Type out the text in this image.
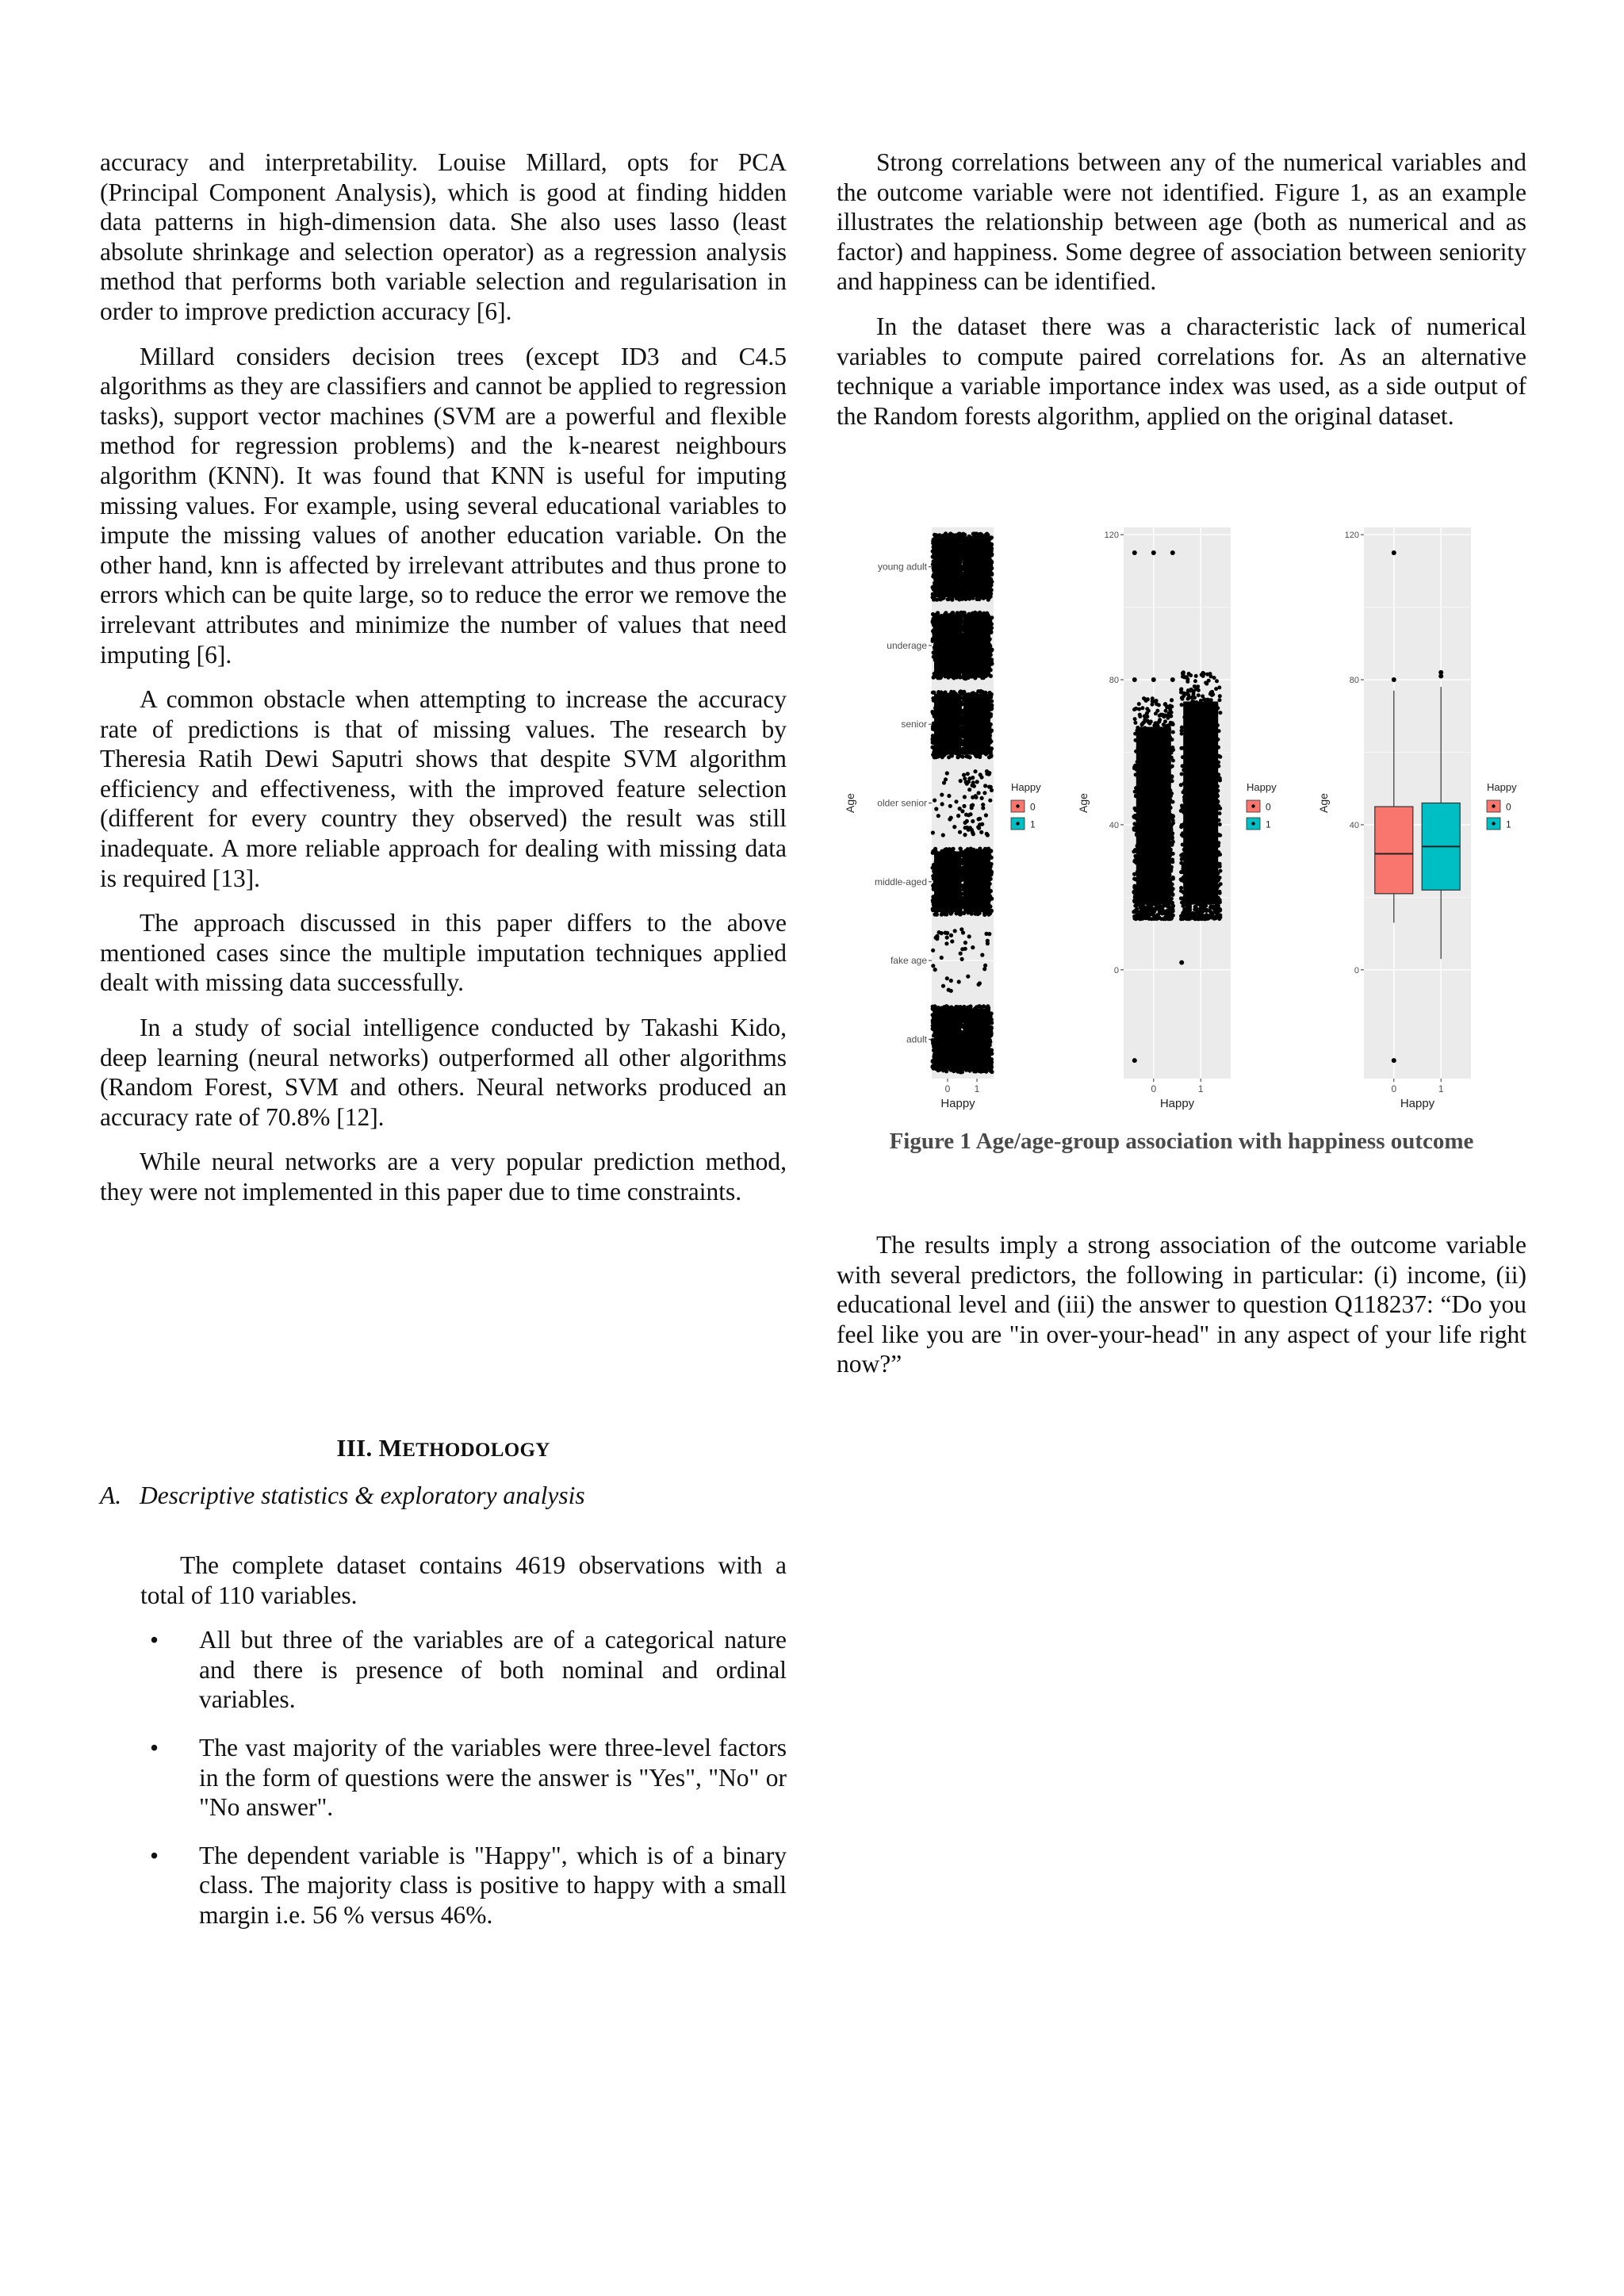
accuracy and interpretability. Louise Millard, opts for PCA (Principal Component Analysis), which is good at finding hidden data patterns in high-dimension data. She also uses lasso (least absolute shrinkage and selection operator) as a regression analysis method that performs both variable selection and regularisation in order to improve prediction accuracy [6].

Millard considers decision trees (except ID3 and C4.5 algorithms as they are classifiers and cannot be applied to regression tasks), support vector machines (SVM are a powerful and flexible method for regression problems) and the k-nearest neighbours algorithm (KNN). It was found that KNN is useful for imputing missing values. For example, using several educational variables to impute the missing values of another education variable. On the other hand, knn is affected by irrelevant attributes and thus prone to errors which can be quite large, so to reduce the error we remove the irrelevant attributes and minimize the number of values that need imputing [6].

A common obstacle when attempting to increase the accuracy rate of predictions is that of missing values. The research by Theresia Ratih Dewi Saputri shows that despite SVM algorithm efficiency and effectiveness, with the improved feature selection (different for every country they observed) the result was still inadequate. A more reliable approach for dealing with missing data is required [13].

The approach discussed in this paper differs to the above mentioned cases since the multiple imputation techniques applied dealt with missing data successfully.

In a study of social intelligence conducted by Takashi Kido, deep learning (neural networks) outperformed all other algorithms (Random Forest, SVM and others. Neural networks produced an accuracy rate of 70.8% [12].

While neural networks are a very popular prediction method, they were not implemented in this paper due to time constraints.

III. METHODOLOGY
A. Descriptive statistics & exploratory analysis

The complete dataset contains 4619 observations with a total of 110 variables.

• All but three of the variables are of a categorical nature and there is presence of both nominal and ordinal variables.
• The vast majority of the variables were three-level factors in the form of questions were the answer is "Yes", "No" or "No answer".
• The dependent variable is "Happy", which is of a binary class. The majority class is positive to happy with a small margin i.e. 56 % versus 46%.

Strong correlations between any of the numerical variables and the outcome variable were not identified. Figure 1, as an example illustrates the relationship between age (both as numerical and as factor) and happiness. Some degree of association between seniority and happiness can be identified.

In the dataset there was a characteristic lack of numerical variables to compute paired correlations for. As an alternative technique a variable importance index was used, as a side output of the Random forests algorithm, applied on the original dataset.

adult
fake age
middle-aged
older senior
senior
underage
young adult
0	1
Happy
Age
Happy
0
1
0
40
80
120
0	1
Happy
Age
Happy
0
1
0
40
80
120
0	1
Happy
Age
Happy
0
1

Figure 1 Age/age-group association with happiness outcome

The results imply a strong association of the outcome variable with several predictors, the following in particular: (i) income, (ii) educational level and (iii) the answer to question Q118237: “Do you feel like you are "in over-your-head" in any aspect of your life right now?”
